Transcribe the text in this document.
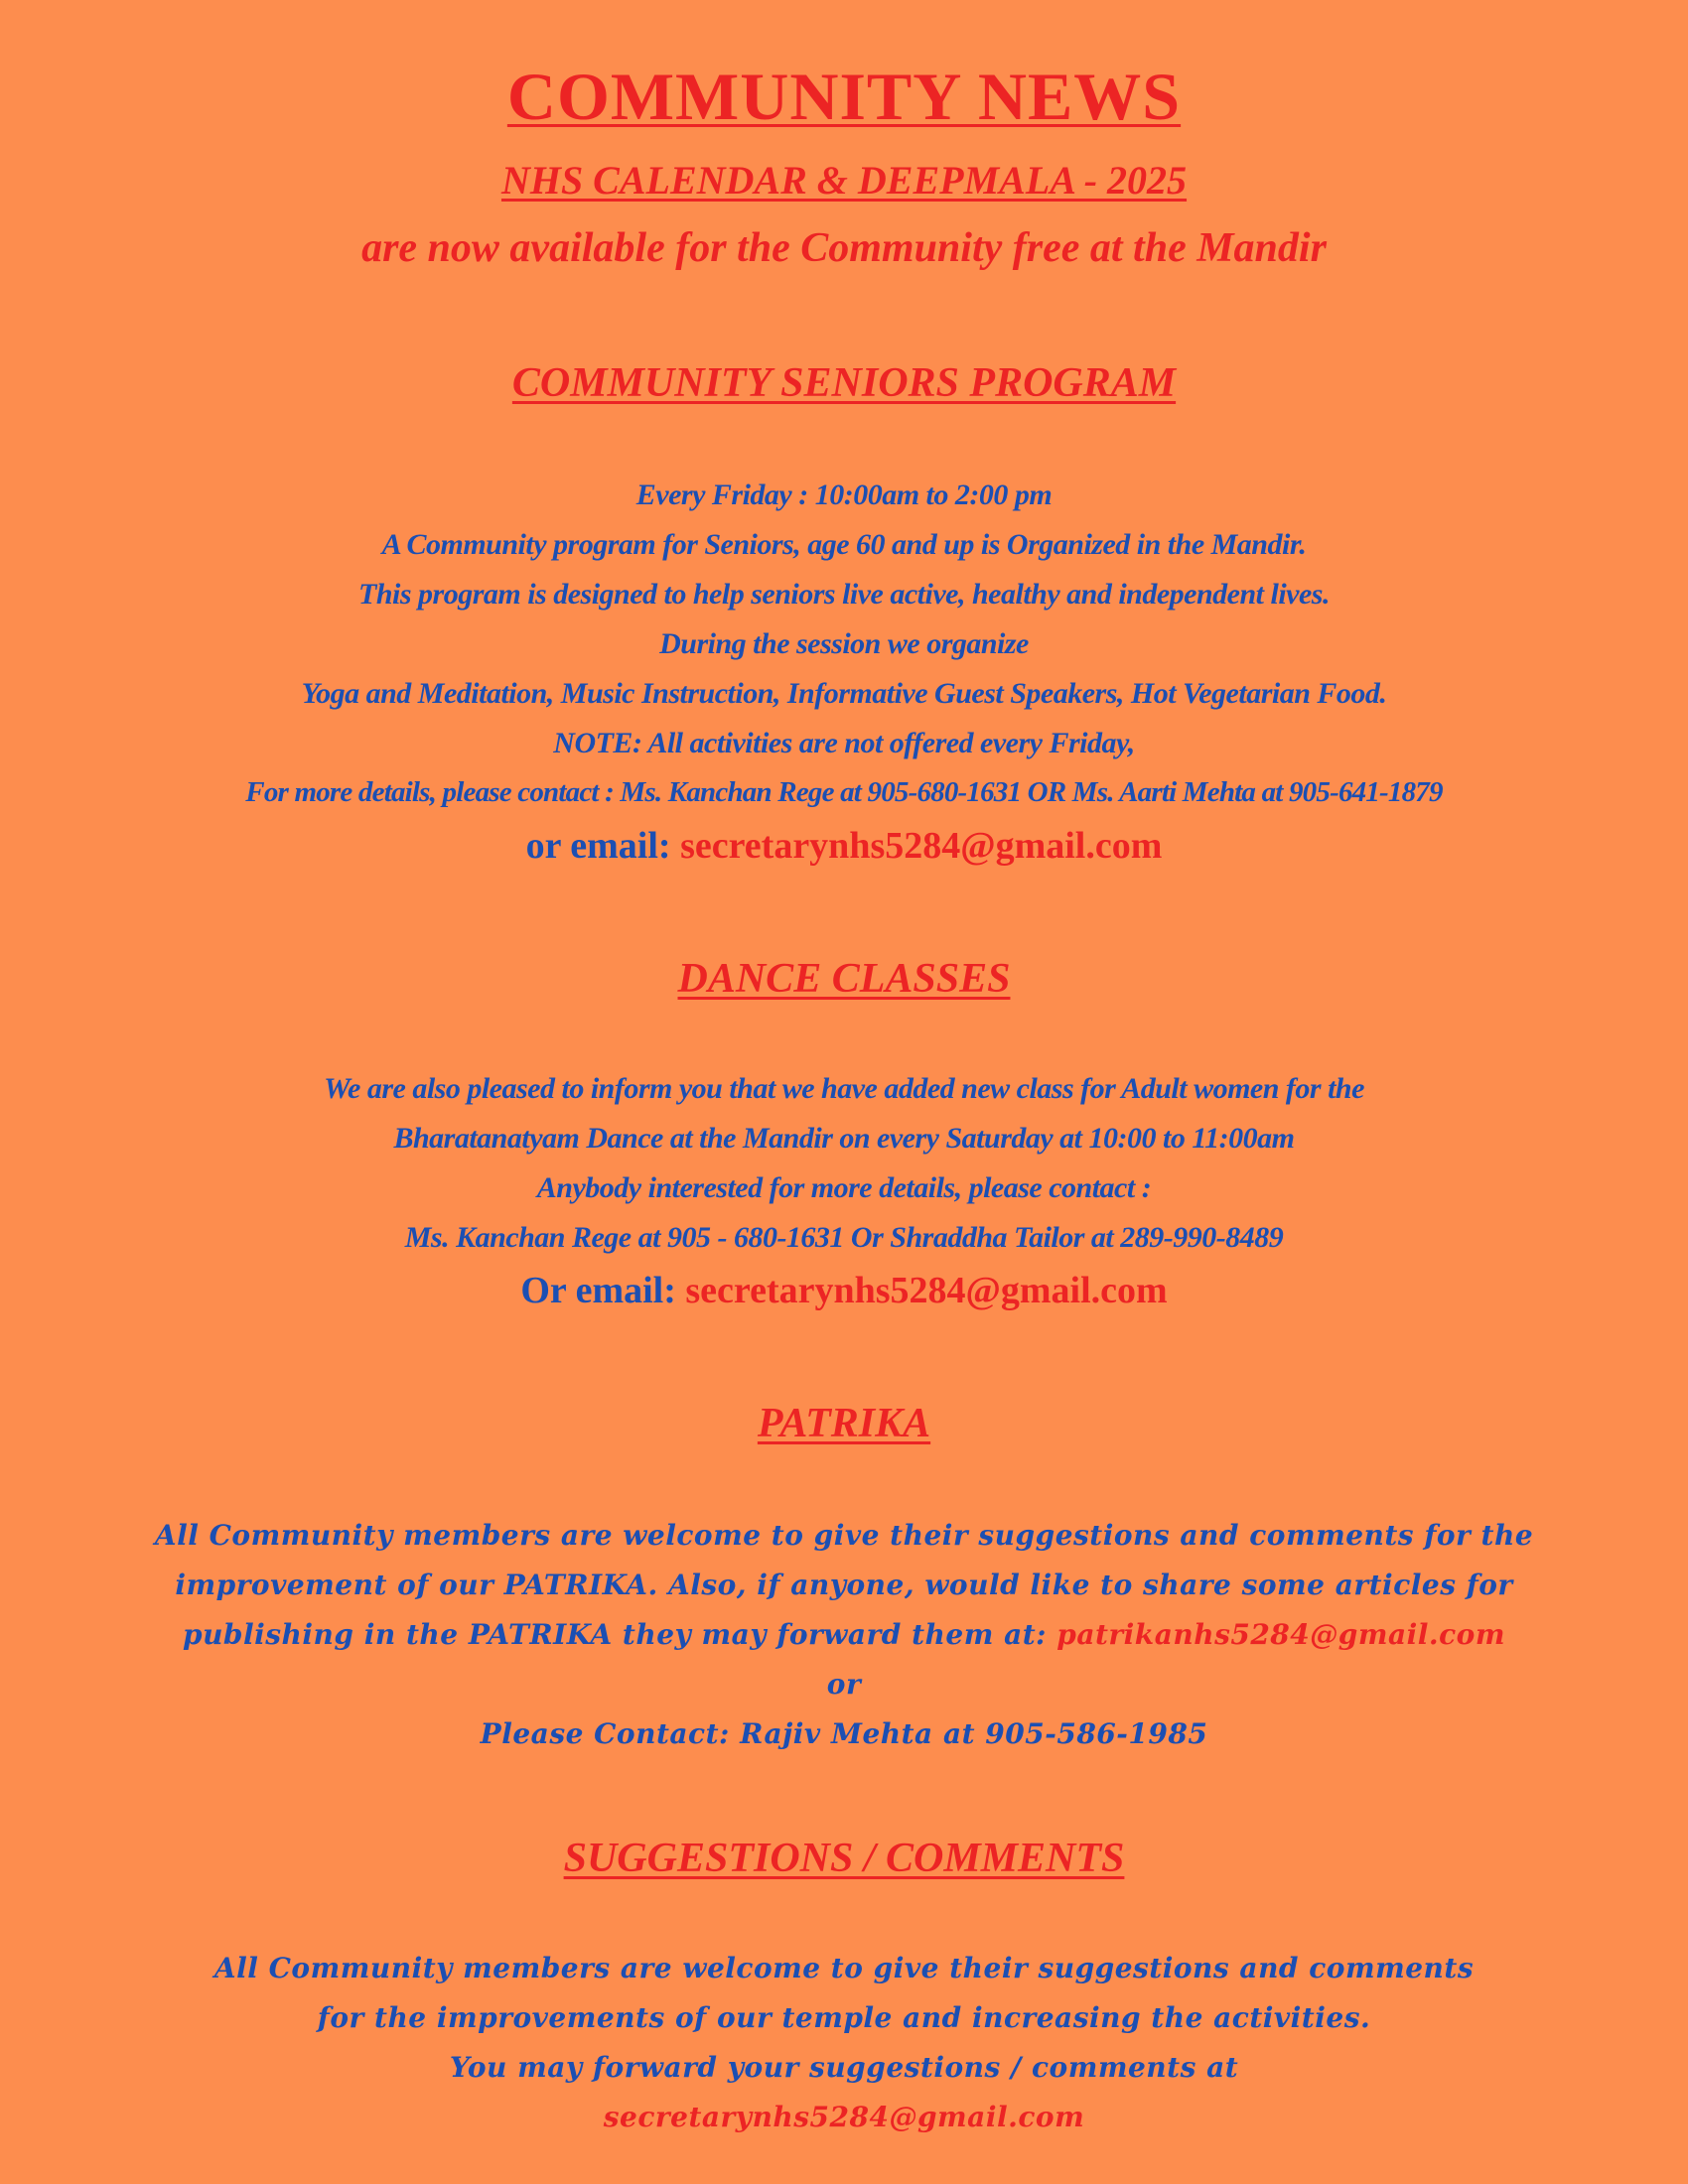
COMMUNITY NEWS

NHS CALENDAR & DEEPMALA - 2025

are now available for the Community free at the Mandir

COMMUNITY SENIORS PROGRAM

Every Friday : 10:00am to 2:00 pm

A Community program for Seniors, age 60 and up is Organized in the Mandir.

This program is designed to help seniors live active, healthy and independent lives.

During the session we organize

Yoga and Meditation, Music Instruction, Informative Guest Speakers, Hot Vegetarian Food.

NOTE: All activities are not offered every Friday,

For more details, please contact : Ms. Kanchan Rege at 905-680-1631 OR Ms. Aarti Mehta at 905-641-1879

or email: secretarynhs5284@gmail.com

DANCE CLASSES

We are also pleased to inform you that we have added new class for Adult women for the

Bharatanatyam Dance at the Mandir on every Saturday at 10:00 to 11:00am

Anybody interested for more details, please contact :

Ms. Kanchan Rege at 905 - 680-1631 Or Shraddha Tailor at 289-990-8489

Or email: secretarynhs5284@gmail.com

PATRIKA

All Community members are welcome to give their suggestions and comments for the

improvement of our PATRIKA. Also, if anyone, would like to share some articles for

publishing in the PATRIKA they may forward them at: patrikanhs5284@gmail.com

or

Please Contact: Rajiv Mehta at 905-586-1985

SUGGESTIONS / COMMENTS

All Community members are welcome to give their suggestions and comments

for the improvements of our temple and increasing the activities.

You may forward your suggestions / comments at

secretarynhs5284@gmail.com
